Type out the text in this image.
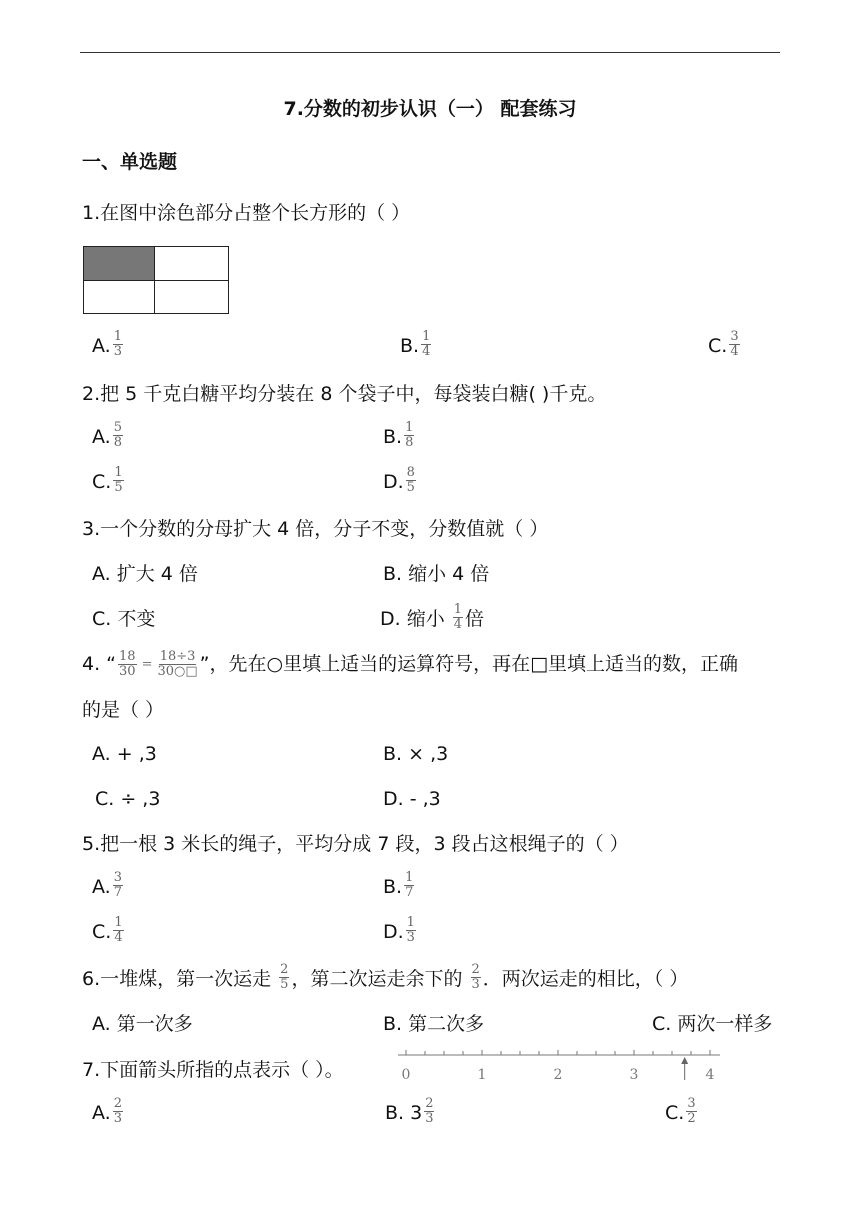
7.分数的初步认识（一） 配套练习
一、单选题
1.在图中涂色部分占整个长方形的（ ）
A. $\frac{1}{3}$	B. $\frac{1}{4}$	C. $\frac{3}{4}$
2.把 5 千克白糖平均分装在 8 个袋子中，每袋装白糖( )千克。
A. $\frac{5}{8}$	B. $\frac{1}{8}$
C. $\frac{1}{5}$	D. $\frac{8}{5}$
3.一个分数的分母扩大 4 倍，分子不变，分数值就（ ）
A. 扩大 4 倍	B. 缩小 4 倍
C. 不变	D. 缩小 $\frac{1}{4}$ 倍
4. “ $\frac{18}{30} = \frac{18\div 3}{30○□}$ ”，先在○里填上适当的运算符号，再在□里填上适当的数，正确
的是（ ）
A. + ,3	B. × ,3
C. ÷ ,3	D. - ,3
5.把一根 3 米长的绳子，平均分成 7 段，3 段占这根绳子的（ ）
A. $\frac{3}{7}$	B. $\frac{1}{7}$
C. $\frac{1}{4}$	D. $\frac{1}{3}$
6.一堆煤，第一次运走 $\frac{2}{5}$ ，第二次运走余下的 $\frac{2}{3}$ ．两次运走的相比，（ ）
A. 第一次多	B. 第二次多	C. 两次一样多
7.下面箭头所指的点表示（ ）。	0	1	2	3	4
A. $\frac{2}{3}$	B. $3 \frac{2}{3}$	C. $\frac{3}{2}$
